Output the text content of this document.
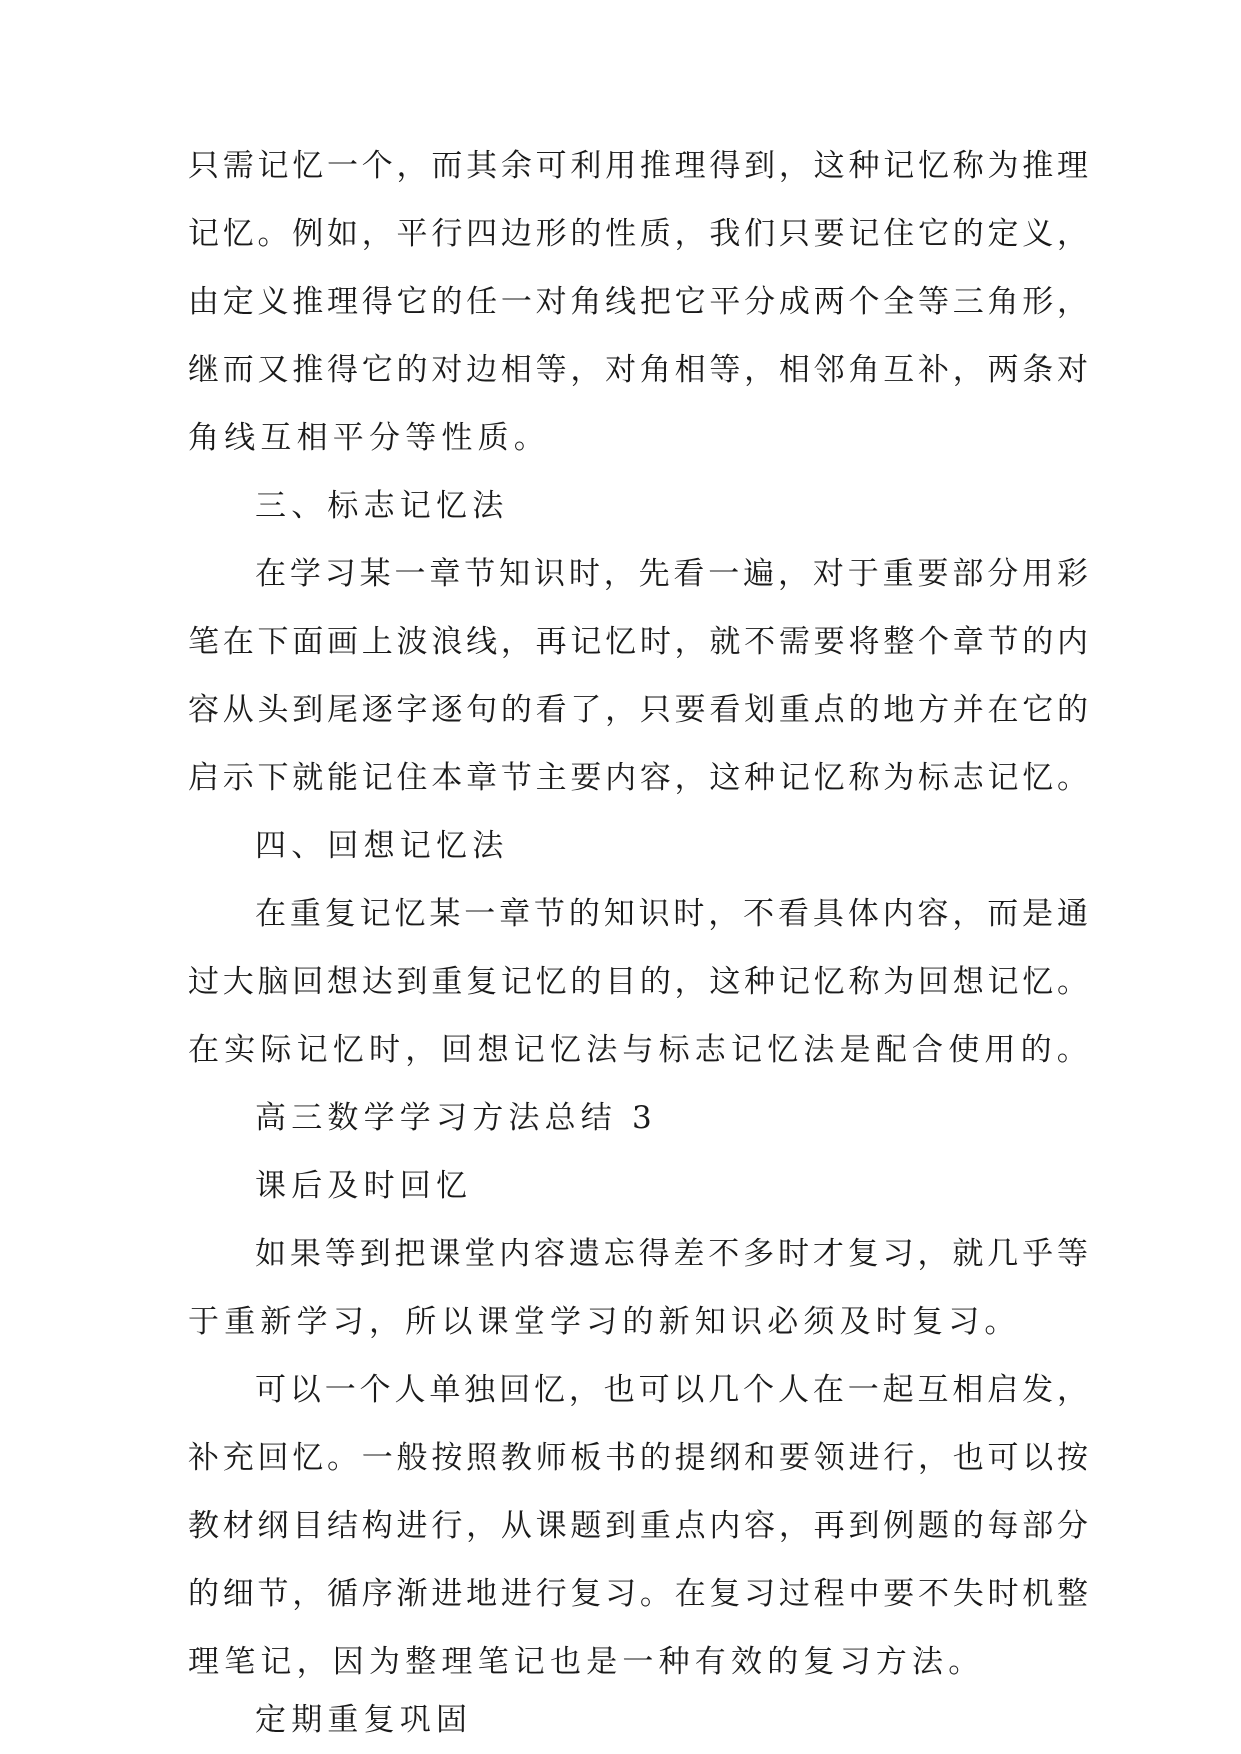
只需记忆一个，而其余可利用推理得到，这种记忆称为推理
记忆。例如，平行四边形的性质，我们只要记住它的定义，
由定义推理得它的任一对角线把它平分成两个全等三角形，
继而又推得它的对边相等，对角相等，相邻角互补，两条对
角线互相平分等性质。
三、标志记忆法
在学习某一章节知识时，先看一遍，对于重要部分用彩
笔在下面画上波浪线，再记忆时，就不需要将整个章节的内
容从头到尾逐字逐句的看了，只要看划重点的地方并在它的
启示下就能记住本章节主要内容，这种记忆称为标志记忆。
四、回想记忆法
在重复记忆某一章节的知识时，不看具体内容，而是通
过大脑回想达到重复记忆的目的，这种记忆称为回想记忆。
在实际记忆时，回想记忆法与标志记忆法是配合使用的。
高三数学学习方法总结 3
课后及时回忆
如果等到把课堂内容遗忘得差不多时才复习，就几乎等
于重新学习，所以课堂学习的新知识必须及时复习。
可以一个人单独回忆，也可以几个人在一起互相启发，
补充回忆。一般按照教师板书的提纲和要领进行，也可以按
教材纲目结构进行，从课题到重点内容，再到例题的每部分
的细节，循序渐进地进行复习。在复习过程中要不失时机整
理笔记，因为整理笔记也是一种有效的复习方法。
定期重复巩固
